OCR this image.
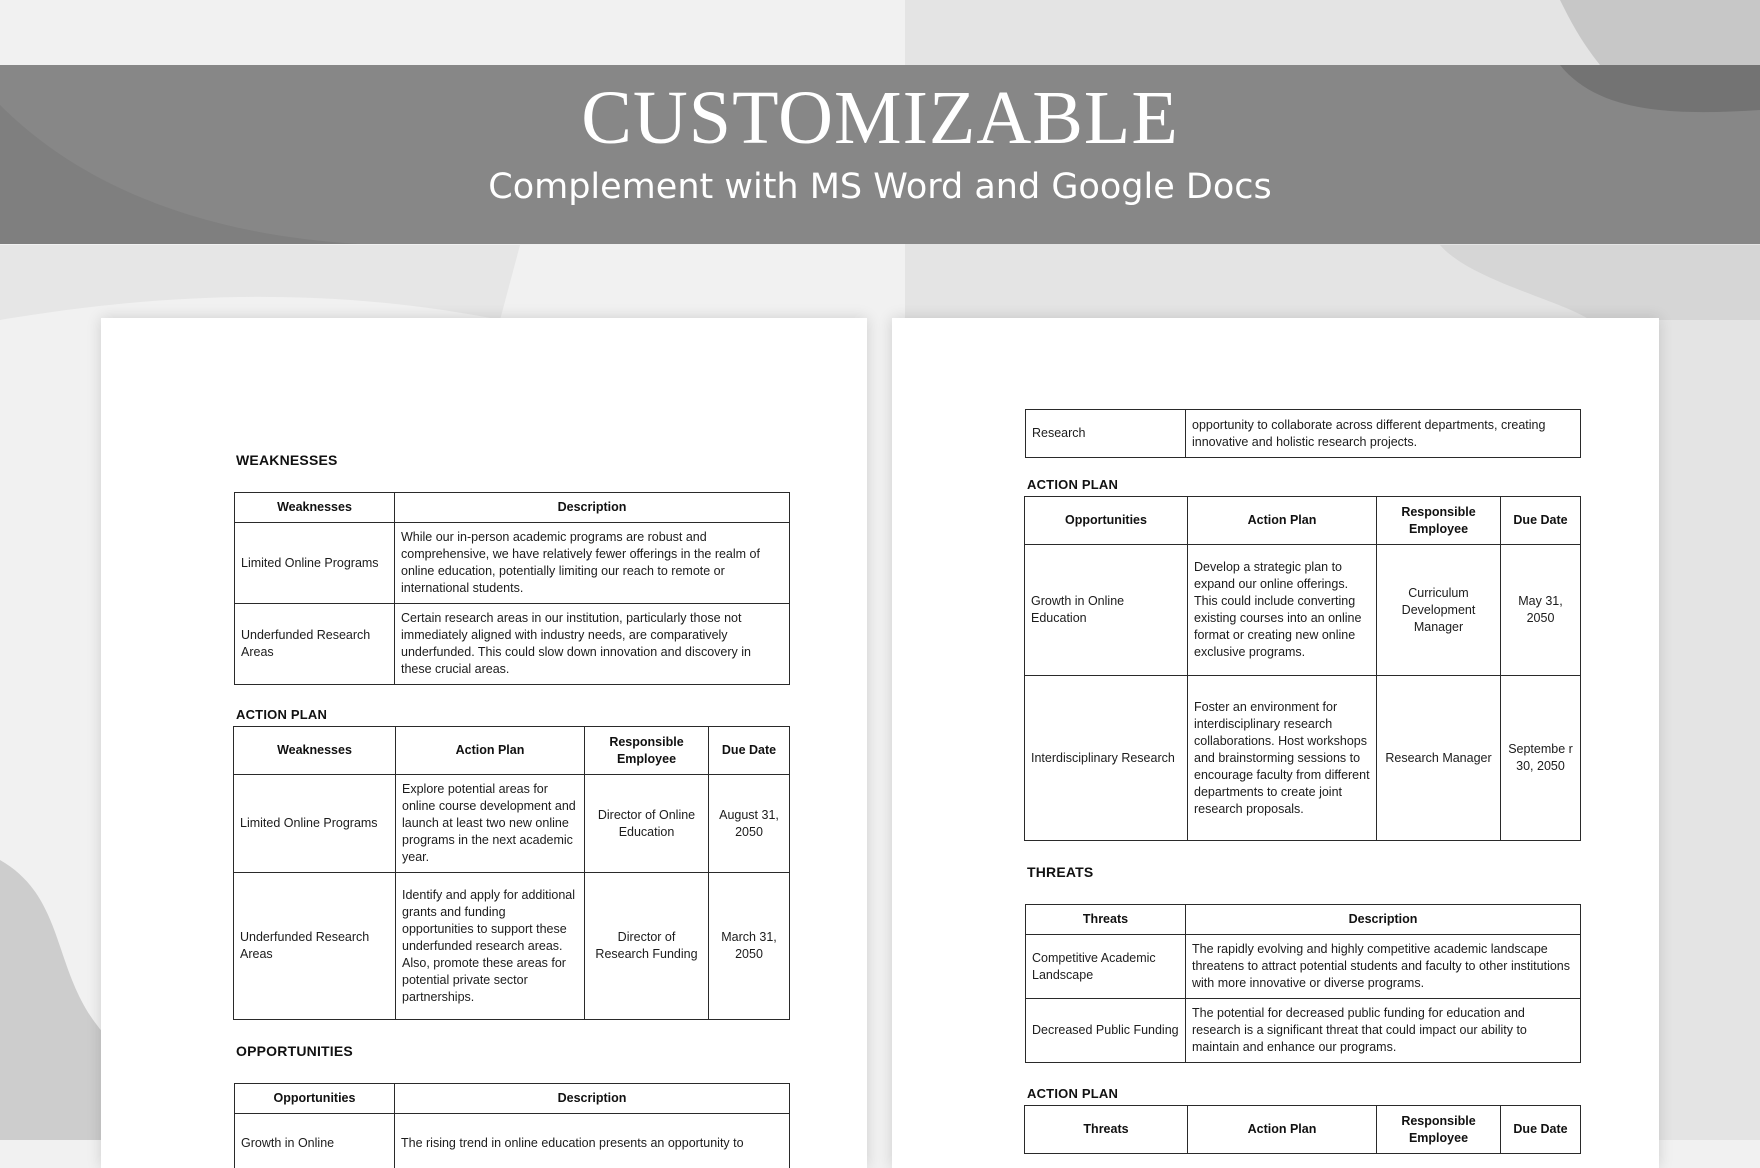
CUSTOMIZABLE
Complement with MS Word and Google Docs
WEAKNESSES
Weaknesses	Description
Limited Online Programs	While our in-person academic programs are robust and comprehensive, we have relatively fewer offerings in the realm of online education, potentially limiting our reach to remote or international students.
Underfunded Research Areas	Certain research areas in our institution, particularly those not immediately aligned with industry needs, are comparatively underfunded. This could slow down innovation and discovery in these crucial areas.
ACTION PLAN
Weaknesses	Action Plan	Responsible Employee	Due Date
Limited Online Programs	Explore potential areas for online course development and launch at least two new online programs in the next academic year.	Director of Online Education	August 31, 2050
Underfunded Research Areas	Identify and apply for additional grants and funding opportunities to support these underfunded research areas. Also, promote these areas for potential private sector partnerships.	Director of Research Funding	March 31, 2050
OPPORTUNITIES
Opportunities	Description
Growth in Online	The rising trend in online education presents an opportunity to
Research	opportunity to collaborate across different departments, creating innovative and holistic research projects.
ACTION PLAN
Opportunities	Action Plan	Responsible Employee	Due Date
Growth in Online Education	Develop a strategic plan to expand our online offerings. This could include converting existing courses into an online format or creating new online exclusive programs.	Curriculum Development Manager	May 31, 2050
Interdisciplinary Research	Foster an environment for interdisciplinary research collaborations. Host workshops and brainstorming sessions to encourage faculty from different departments to create joint research proposals.	Research Manager	Septembe r 30, 2050
THREATS
Threats	Description
Competitive Academic Landscape	The rapidly evolving and highly competitive academic landscape threatens to attract potential students and faculty to other institutions with more innovative or diverse programs.
Decreased Public Funding	The potential for decreased public funding for education and research is a significant threat that could impact our ability to maintain and enhance our programs.
ACTION PLAN
Threats	Action Plan	Responsible Employee	Due Date
